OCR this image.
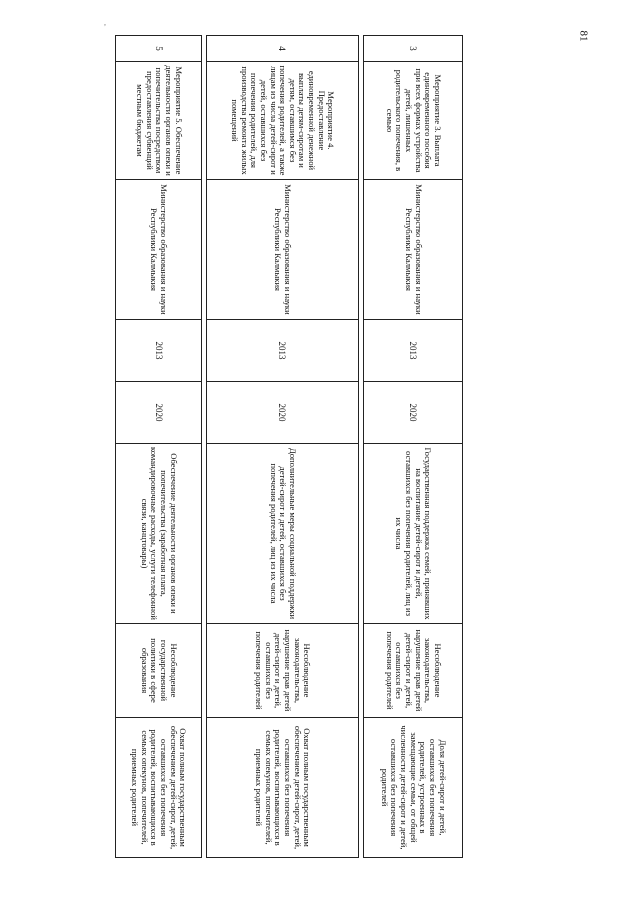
,
81
3	Мероприятие 3. Выплата единовременного пособия при всех формах устройства детей, лишенных родительского попечения, в семью	Министерство образования и науки Республики Калмыкия	2013	2020	Государственная поддержка семей, принявших на воспитание детей-сирот и детей, оставшихся без попечения родителей, лиц из их числа	Несоблюдение законодательства, нарушение прав детей детей-сирот и детей, оставшихся без попечения родителей	Доля детей-сирот и детей, оставшихся без попечения родителей, устроенных в замещающие семьи, от общей численности детей-сирот и детей, оставшихся без попечения родителей

4	Мероприятие 4. Предоставление единовременной денежной выплаты детям-сиротам и детям, оставшимся без попечения родителей, а также лицам из числа детей-сирот и детей, оставшихся без попечения родителей, для производства ремонта жилых помещений	Министерство образования и науки Республики Калмыкия	2013	2020	Дополнительные меры социальной поддержки детей-сирот и детей, оставшихся без попечения родителей, лиц из их числа	Несоблюдение законодательства, нарушение прав детей детей-сирот и детей, оставшихся без попечения родителей	Охват полным государственным обеспечением детей-сирот, детей, оставшихся без попечения родителей, воспитывающихся в семьях опекунов, попечителей, приемных родителей

5	Мероприятие 5. Обеспечение деятельности органов опеки и попечительства посредством предоставления субвенций местным бюджетам	Министерство образования и науки Республики Калмыкия	2013	2020	Обеспечение деятельности органов опеки и попечительства (заработная плата, командировочные расходы, услуги телефонной связи, канцтовары)	Несоблюдение государственной политики в сфере образования	Охват полным государственным обеспечением детей-сирот, детей, оставшихся без попечения родителей, воспитывающихся в семьях опекунов, попечителей, приемных родителей
